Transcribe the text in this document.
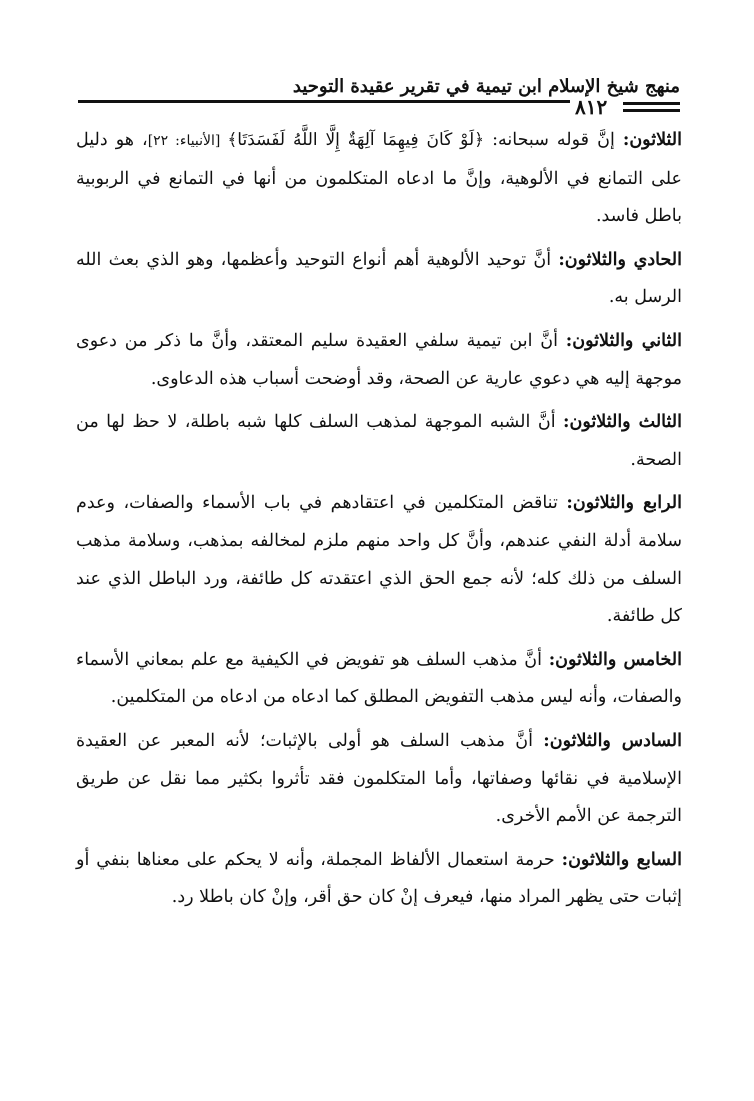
منهج شيخ الإسلام ابن تيمية في تقرير عقيدة التوحيد
٨١٢

الثلاثون: إنَّ قوله سبحانه: ﴿لَوْ كَانَ فِيهِمَا آلِهَةٌ إِلَّا اللَّهُ لَفَسَدَتَا﴾ [الأنبياء: ٢٢]، هو دليل على التمانع في الألوهية، وإنَّ ما ادعاه المتكلمون من أنها في التمانع في الربوبية باطل فاسد.

الحادي والثلاثون: أنَّ توحيد الألوهية أهم أنواع التوحيد وأعظمها، وهو الذي بعث الله الرسل به.

الثاني والثلاثون: أنَّ ابن تيمية سلفي العقيدة سليم المعتقد، وأنَّ ما ذكر من دعوى موجهة إليه هي دعوي عارية عن الصحة، وقد أوضحت أسباب هذه الدعاوى.

الثالث والثلاثون: أنَّ الشبه الموجهة لمذهب السلف كلها شبه باطلة، لا حظ لها من الصحة.

الرابع والثلاثون: تناقض المتكلمين في اعتقادهم في باب الأسماء والصفات، وعدم سلامة أدلة النفي عندهم، وأنَّ كل واحد منهم ملزم لمخالفه بمذهب، وسلامة مذهب السلف من ذلك كله؛ لأنه جمع الحق الذي اعتقدته كل طائفة، ورد الباطل الذي عند كل طائفة.

الخامس والثلاثون: أنَّ مذهب السلف هو تفويض في الكيفية مع علم بمعاني الأسماء والصفات، وأنه ليس مذهب التفويض المطلق كما ادعاه من ادعاه من المتكلمين.

السادس والثلاثون: أنَّ مذهب السلف هو أولى بالإثبات؛ لأنه المعبر عن العقيدة الإسلامية في نقائها وصفاتها، وأما المتكلمون فقد تأثروا بكثير مما نقل عن طريق الترجمة عن الأمم الأخرى.

السابع والثلاثون: حرمة استعمال الألفاظ المجملة، وأنه لا يحكم على معناها بنفي أو إثبات حتى يظهر المراد منها، فيعرف إنْ كان حق أقر، وإنْ كان باطلا رد.
